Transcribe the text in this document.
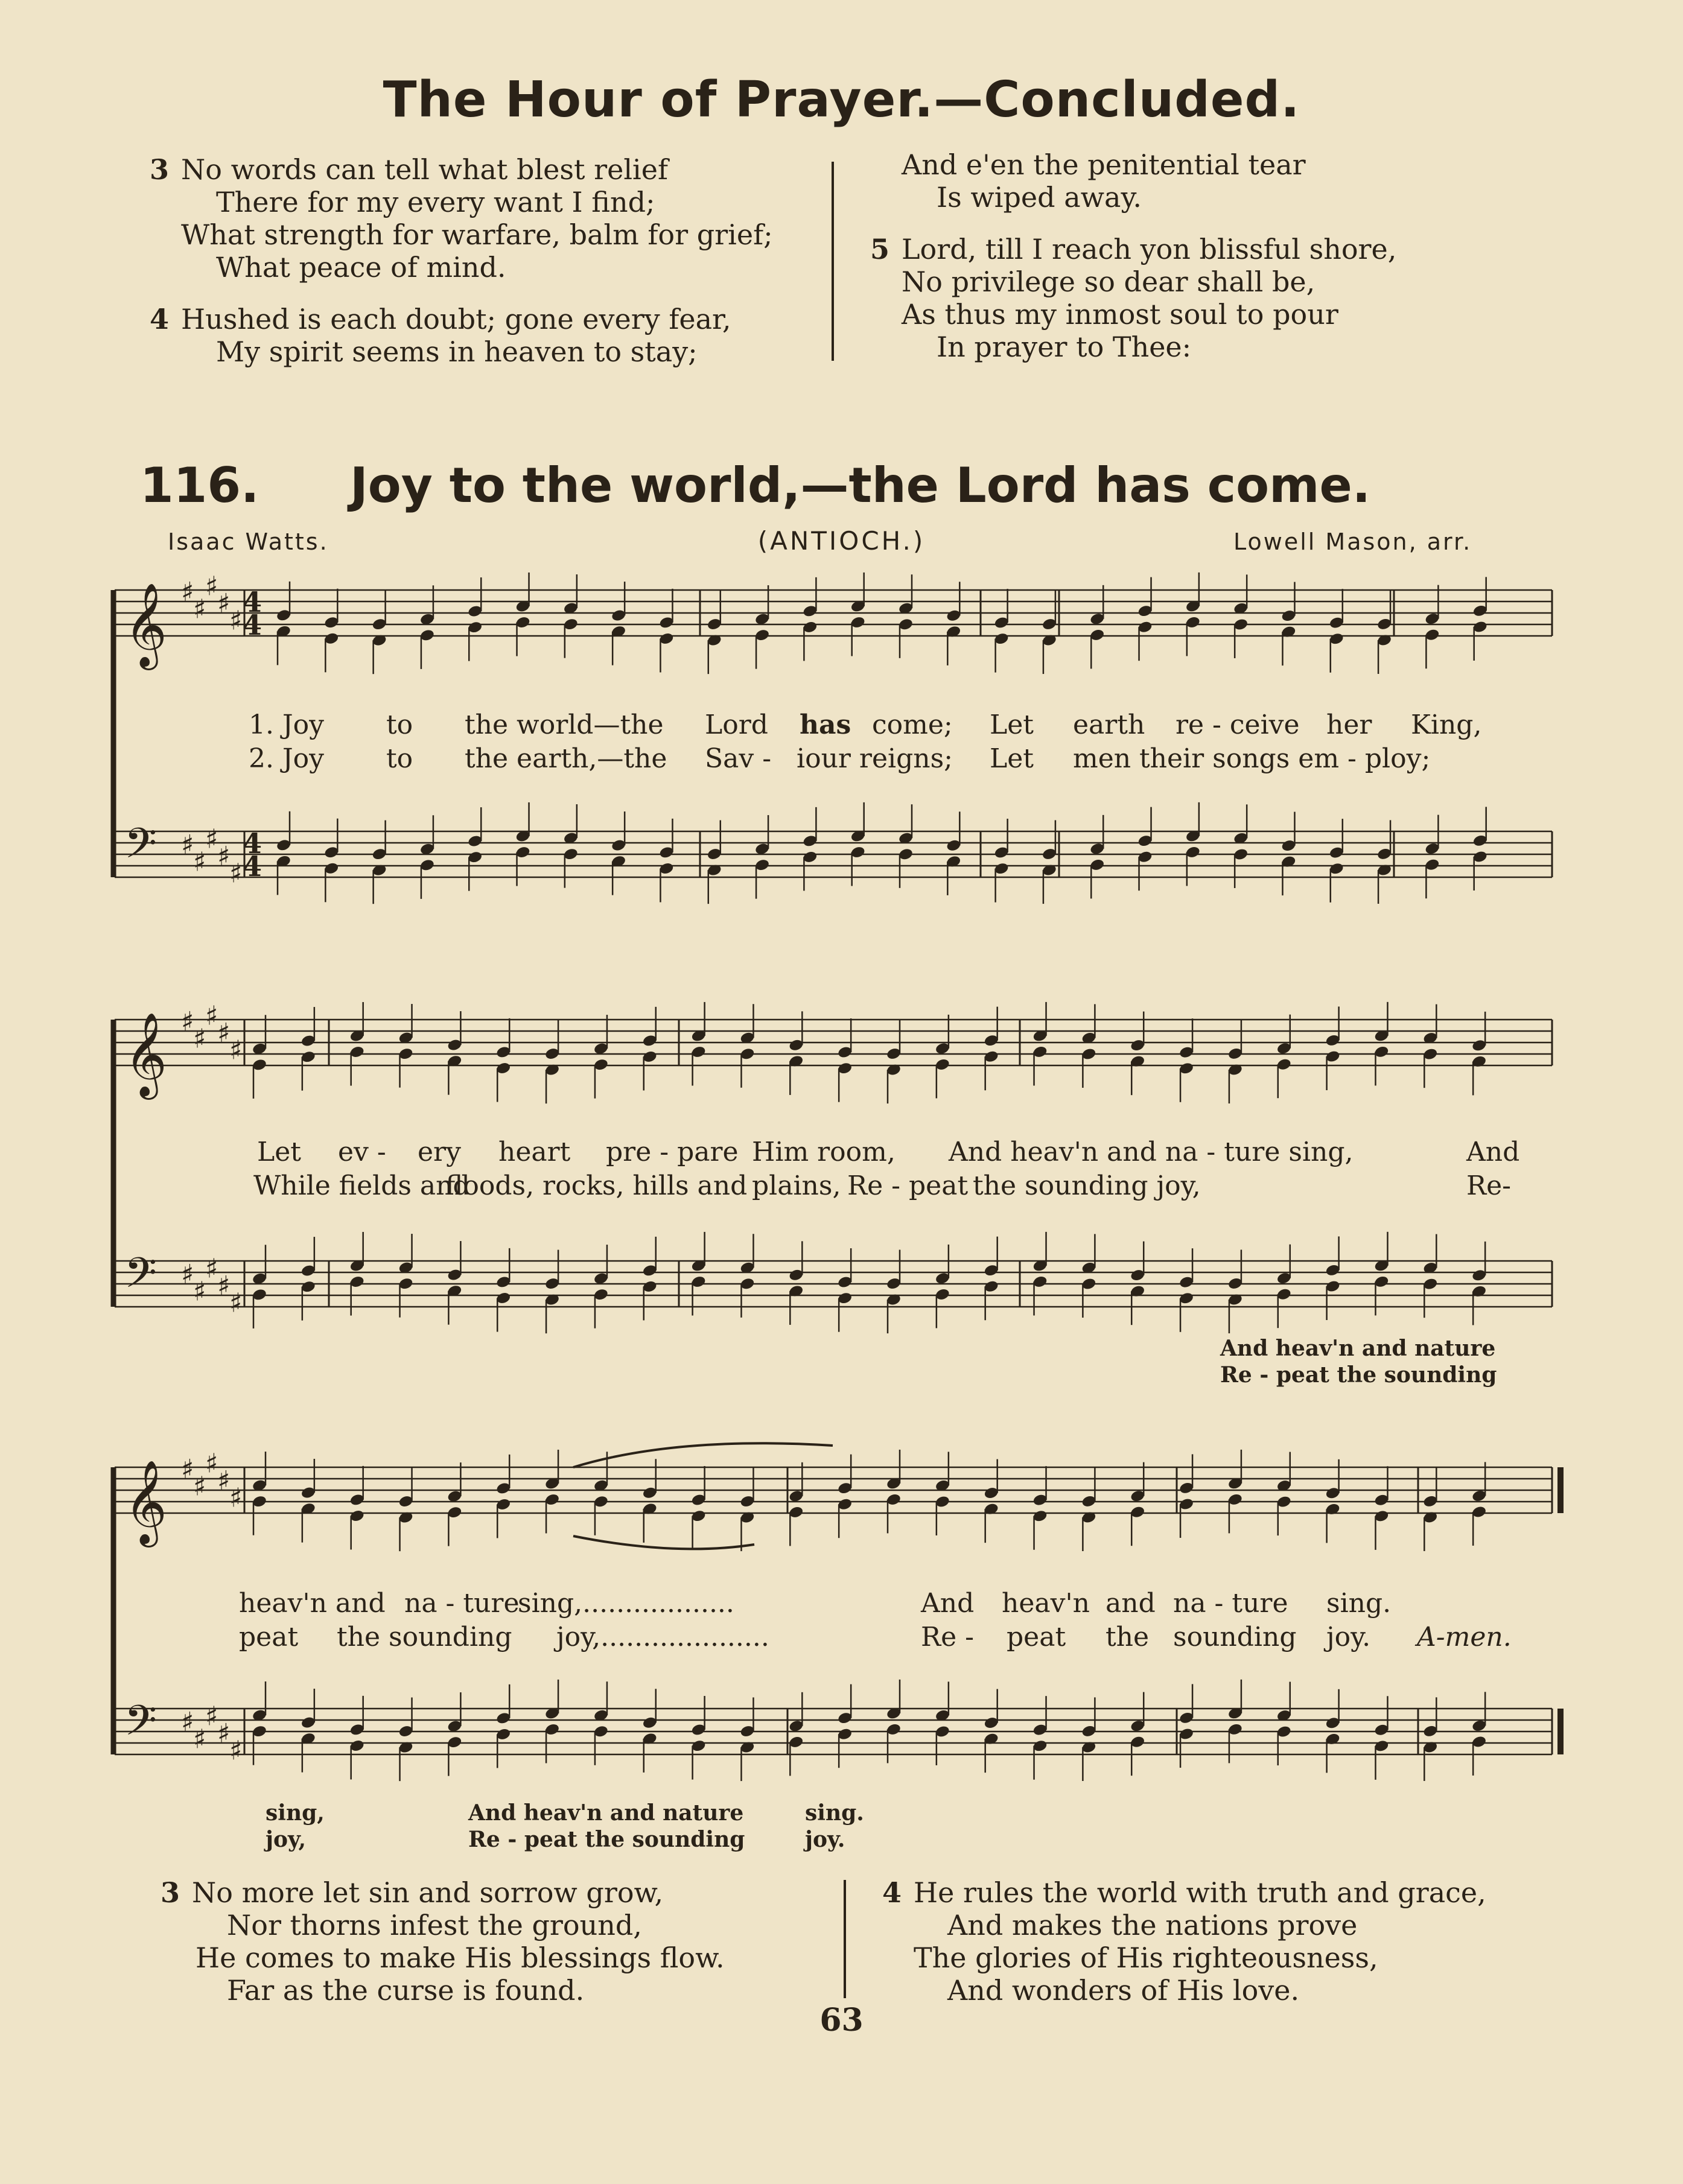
The Hour of Prayer.—Concluded.
3 No words can tell what blest relief
There for my every want I find;
What strength for warfare, balm for grief;
What peace of mind.
4 Hushed is each doubt; gone every fear,
My spirit seems in heaven to stay;
And e'en the penitential tear
Is wiped away.
5 Lord, till I reach yon blissful shore,
No privilege so dear shall be,
As thus my inmost soul to pour
In prayer to Thee:
116. Joy to the world,—the Lord has come.
Isaac Watts.	(ANTIOCH.)	Lowell Mason, arr.
𝄞 ♯
♯
♯
♯
♯
4
4
𝄢 ♯
♯
♯
♯
♯
4
4
𝄞 ♯
♯
♯
♯
♯
𝄢 ♯
♯
♯
♯
♯
𝄞 ♯
♯
♯
♯
♯
𝄢 ♯
♯
♯
♯
♯
1. Joy to the world—the Lord has come; Let earth re - ceive her King,
2. Joy to the earth,—the Sav - iour reigns; Let men their songs em - ploy;
Let ev - ery heart pre - pare Him room, And heav'n and na - ture sing,	And
While fields and
floods, rocks, hills and plains, Re - peat the sounding joy,	Re-
And heav'n and nature
Re - peat the sounding
heav'n and na - ture
sing,..................	And heav'n and na - ture sing.
peat the sounding joy,....................	Re - peat the sounding joy. A-men.
sing,
joy,
And heav'n and nature
Re - peat the sounding
sing.
joy.
3 No more let sin and sorrow grow,
Nor thorns infest the ground,
He comes to make His blessings flow.
Far as the curse is found.
4 He rules the world with truth and grace,
And makes the nations prove
The glories of His righteousness,
And wonders of His love.
63
